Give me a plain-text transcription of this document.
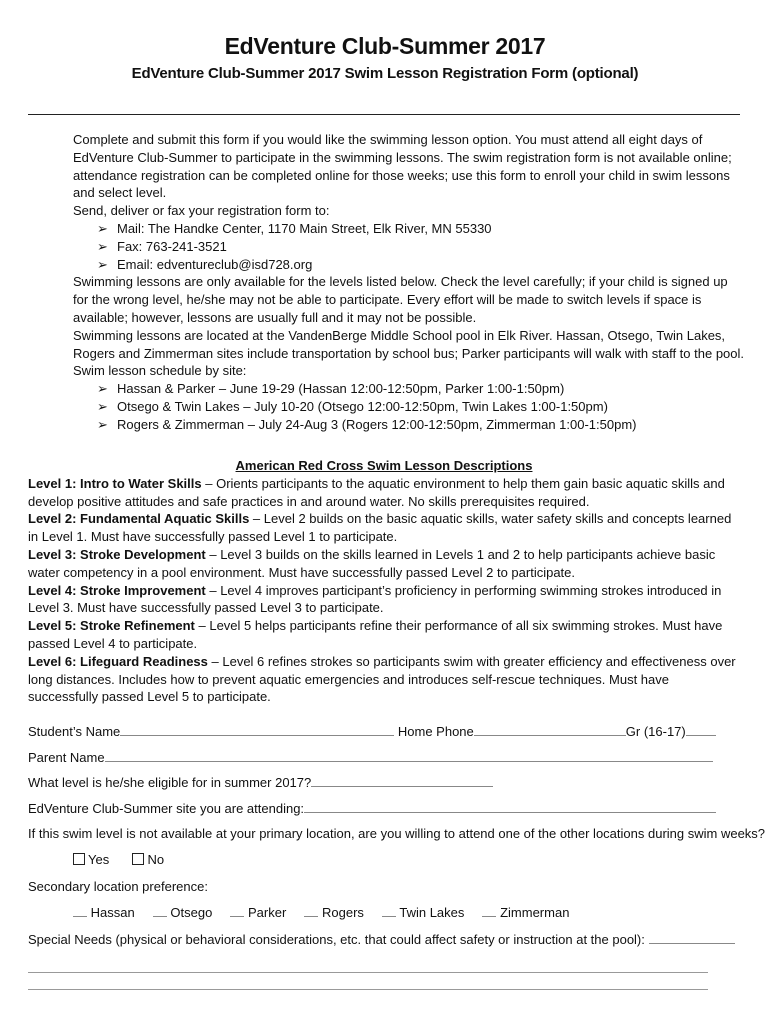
EdVenture Club-Summer 2017
EdVenture Club-Summer 2017 Swim Lesson Registration Form (optional)

Complete and submit this form if you would like the swimming lesson option. You must attend all eight days of EdVenture Club-Summer to participate in the swimming lessons. The swim registration form is not available online; attendance registration can be completed online for those weeks; use this form to enroll your child in swim lessons and select level.

Send, deliver or fax your registration form to:

➢ Mail: The Handke Center, 1170 Main Street, Elk River, MN 55330

➢ Fax: 763-241-3521

➢ Email: edventureclub@isd728.org

Swimming lessons are only available for the levels listed below. Check the level carefully; if your child is signed up for the wrong level, he/she may not be able to participate. Every effort will be made to switch levels if space is available; however, lessons are usually full and it may not be possible.

Swimming lessons are located at the VandenBerge Middle School pool in Elk River. Hassan, Otsego, Twin Lakes, Rogers and Zimmerman sites include transportation by school bus; Parker participants will walk with staff to the pool.

Swim lesson schedule by site:

➢ Hassan & Parker – June 19-29 (Hassan 12:00-12:50pm, Parker 1:00-1:50pm)

➢ Otsego & Twin Lakes – July 10-20 (Otsego 12:00-12:50pm, Twin Lakes 1:00-1:50pm)

➢ Rogers & Zimmerman – July 24-Aug 3 (Rogers 12:00-12:50pm, Zimmerman 1:00-1:50pm)

American Red Cross Swim Lesson Descriptions

Level 1: Intro to Water Skills – Orients participants to the aquatic environment to help them gain basic aquatic skills and develop positive attitudes and safe practices in and around water. No skills prerequisites required.

Level 2: Fundamental Aquatic Skills – Level 2 builds on the basic aquatic skills, water safety skills and concepts learned in Level 1. Must have successfully passed Level 1 to participate.

Level 3: Stroke Development – Level 3 builds on the skills learned in Levels 1 and 2 to help participants achieve basic water competency in a pool environment. Must have successfully passed Level 2 to participate.

Level 4: Stroke Improvement – Level 4 improves participant’s proficiency in performing swimming strokes introduced in Level 3. Must have successfully passed Level 3 to participate.

Level 5: Stroke Refinement – Level 5 helps participants refine their performance of all six swimming strokes. Must have passed Level 4 to participate.

Level 6: Lifeguard Readiness – Level 6 refines strokes so participants swim with greater efficiency and effectiveness over long distances. Includes how to prevent aquatic emergencies and introduces self-rescue techniques. Must have successfully passed Level 5 to participate.

Student’s Name	Home Phone	Gr (16-17)
Parent Name
What level is he/she eligible for in summer 2017?
EdVenture Club-Summer site you are attending:
If this swim level is not available at your primary location, are you willing to attend one of the other locations during swim weeks?
Yes	No
Secondary location preference:
Hassan	Otsego	Parker	Rogers	Twin Lakes	Zimmerman
Special Needs (physical or behavioral considerations, etc. that could affect safety or instruction at the pool):
